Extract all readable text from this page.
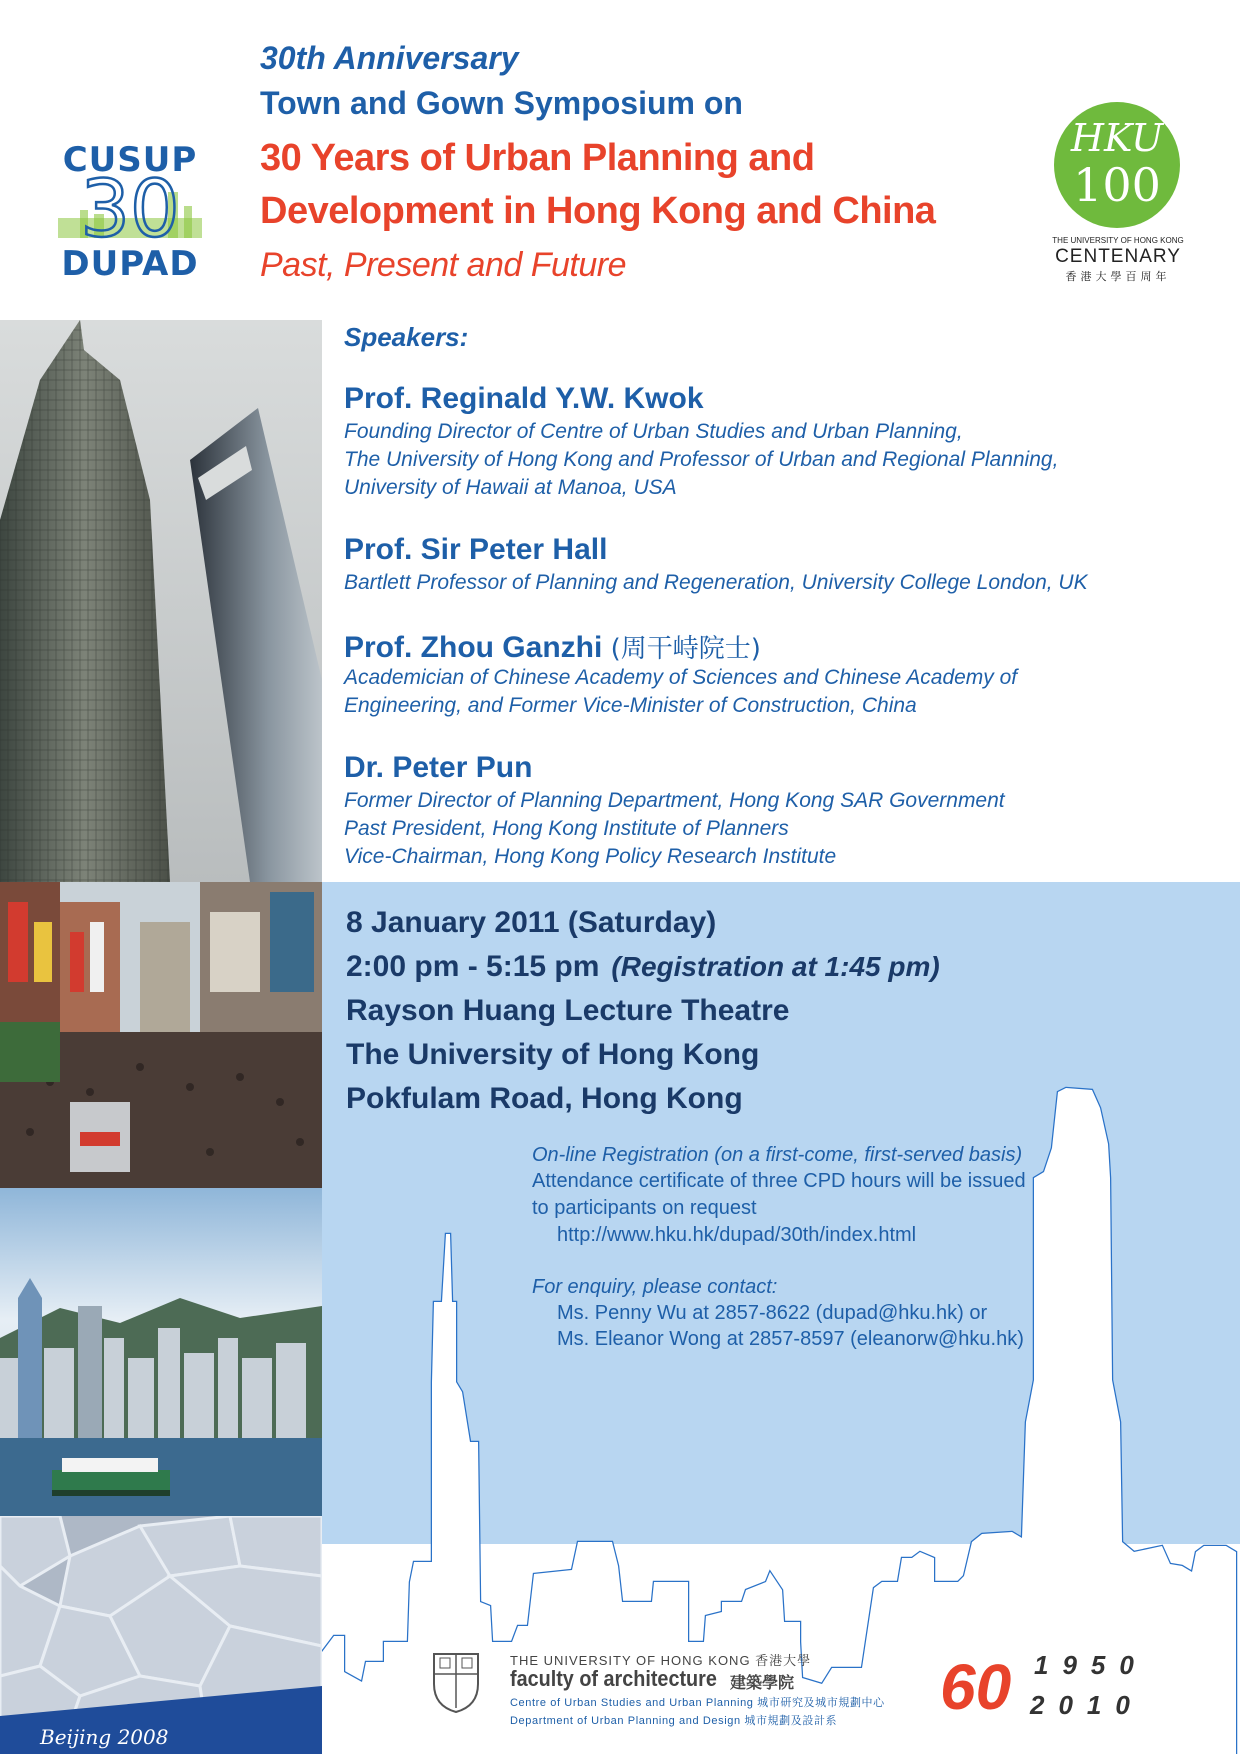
CUSUP
30
DUPAD
30th Anniversary
Town and Gown Symposium on
30 Years of Urban Planning and
Development in Hong Kong and China
Past, Present and Future
HKU
100
THE UNIVERSITY OF HONG KONG
CENTENARY
香港大學百周年
Beijing 2008
Speakers:
Prof. Reginald Y.W. Kwok
Founding Director of Centre of Urban Studies and Urban Planning,
The University of Hong Kong and Professor of Urban and Regional Planning,
University of Hawaii at Manoa, USA
Prof. Sir Peter Hall
Bartlett Professor of Planning and Regeneration, University College London, UK
Prof. Zhou Ganzhi (周干峙院士)
Academician of Chinese Academy of Sciences and Chinese Academy of
Engineering, and Former Vice-Minister of Construction, China
Dr. Peter Pun
Former Director of Planning Department, Hong Kong SAR Government
Past President, Hong Kong Institute of Planners
Vice-Chairman, Hong Kong Policy Research Institute
8 January 2011 (Saturday)
2:00 pm - 5:15 pm (Registration at 1:45 pm)
Rayson Huang Lecture Theatre
The University of Hong Kong
Pokfulam Road, Hong Kong
On-line Registration (on a first-come, first-served basis)
Attendance certificate of three CPD hours will be issued
to participants on request
http://www.hku.hk/dupad/30th/index.html
For enquiry, please contact:
Ms. Penny Wu at 2857-8622 (dupad@hku.hk) or
Ms. Eleanor Wong at 2857-8597 (eleanorw@hku.hk)
THE UNIVERSITY OF HONG KONG 香港大學
faculty of architecture 建築學院
Centre of Urban Studies and Urban Planning 城市研究及城市規劃中心
Department of Urban Planning and Design 城市規劃及設計系 60 1950
2010
